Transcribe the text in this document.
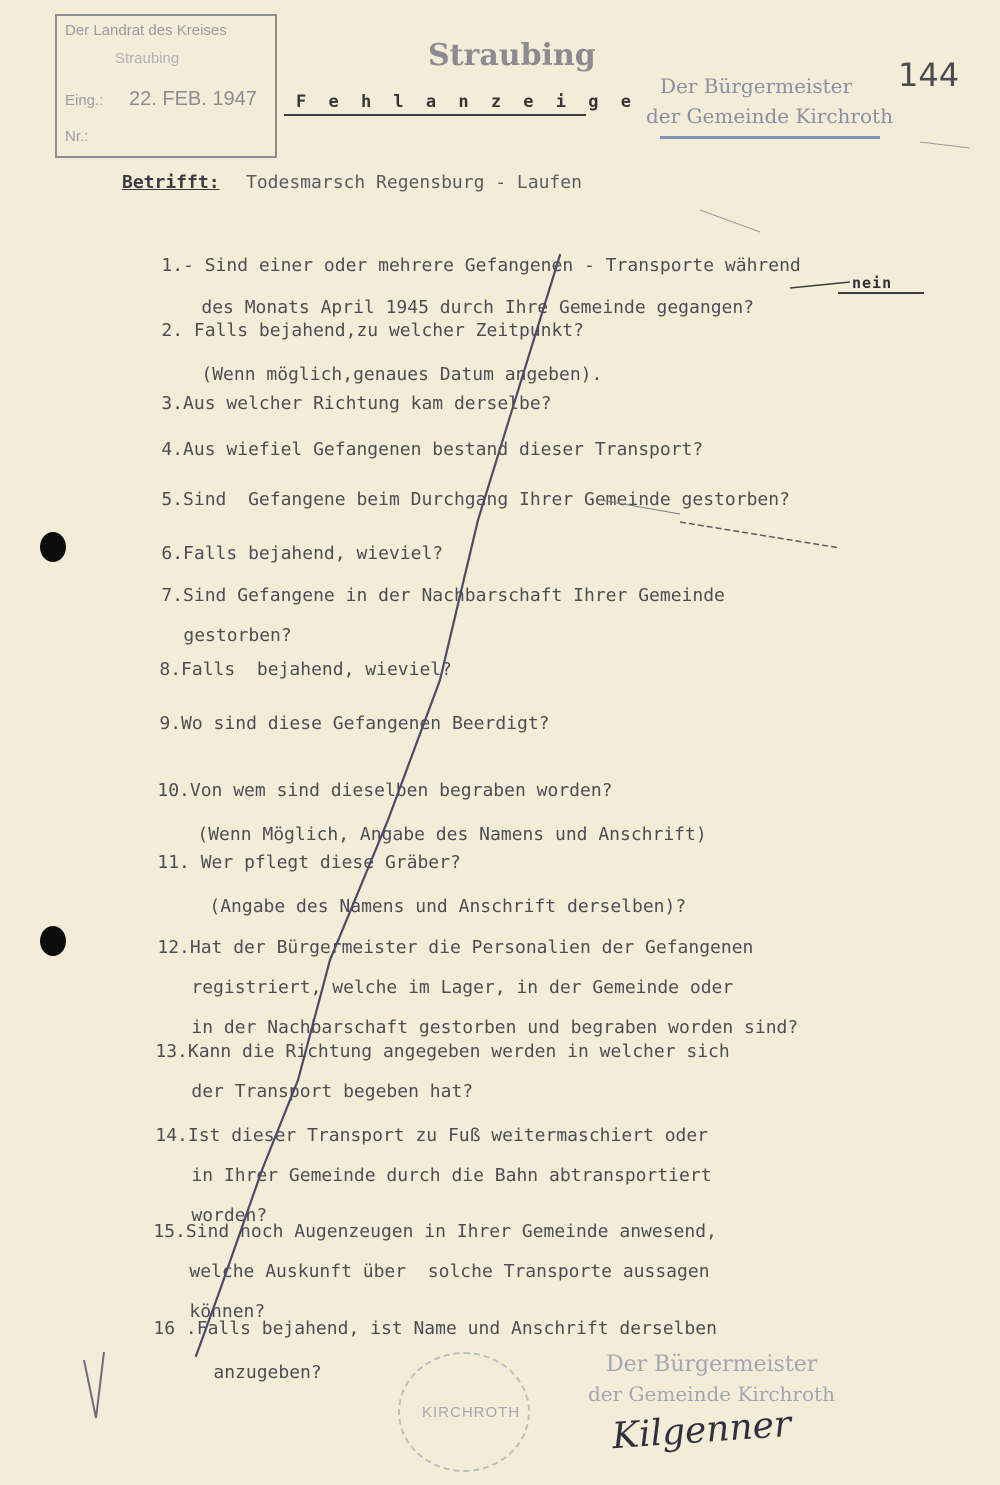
Der Landrat des Kreises
Straubing
Eing.: 22. FEB. 1947
Nr.:
Straubing
F e h l a n z e i g e
Der Bürgermeister
der Gemeinde Kirchroth
144
Betrifft: Todesmarsch Regensburg - Laufen

1.- Sind einer oder mehrere Gefangenen - Transporte während

des Monats April 1945 durch Ihre Gemeinde gegangen?

2. Falls bejahend,zu welcher Zeitpunkt?

(Wenn möglich,genaues Datum angeben).

3.Aus welcher Richtung kam derselbe?

4.Aus wiefiel Gefangenen bestand dieser Transport?

5.Sind  Gefangene beim Durchgang Ihrer Gemeinde gestorben?

6.Falls bejahend, wieviel?

7.Sind Gefangene in der Nachbarschaft Ihrer Gemeinde

gestorben?

8.Falls  bejahend, wieviel?

9.Wo sind diese Gefangenen Beerdigt?

10.Von wem sind dieselben begraben worden?

(Wenn Möglich, Angabe des Namens und Anschrift)

11. Wer pflegt diese Gräber?

(Angabe des Namens und Anschrift derselben)?

12.Hat der Bürgermeister die Personalien der Gefangenen

registriert, welche im Lager, in der Gemeinde oder

in der Nachbarschaft gestorben und begraben worden sind?

13.Kann die Richtung angegeben werden in welcher sich

der Transport begeben hat?

14.Ist dieser Transport zu Fuß weitermaschiert oder

in Ihrer Gemeinde durch die Bahn abtransportiert

worden?

15.Sind noch Augenzeugen in Ihrer Gemeinde anwesend,

welche Auskunft über  solche Transporte aussagen

können?

16 .Falls bejahend, ist Name und Anschrift derselben

anzugeben?

nein
KIRCHROTH
Der Bürgermeister
der Gemeinde Kirchroth
Kilgenner
